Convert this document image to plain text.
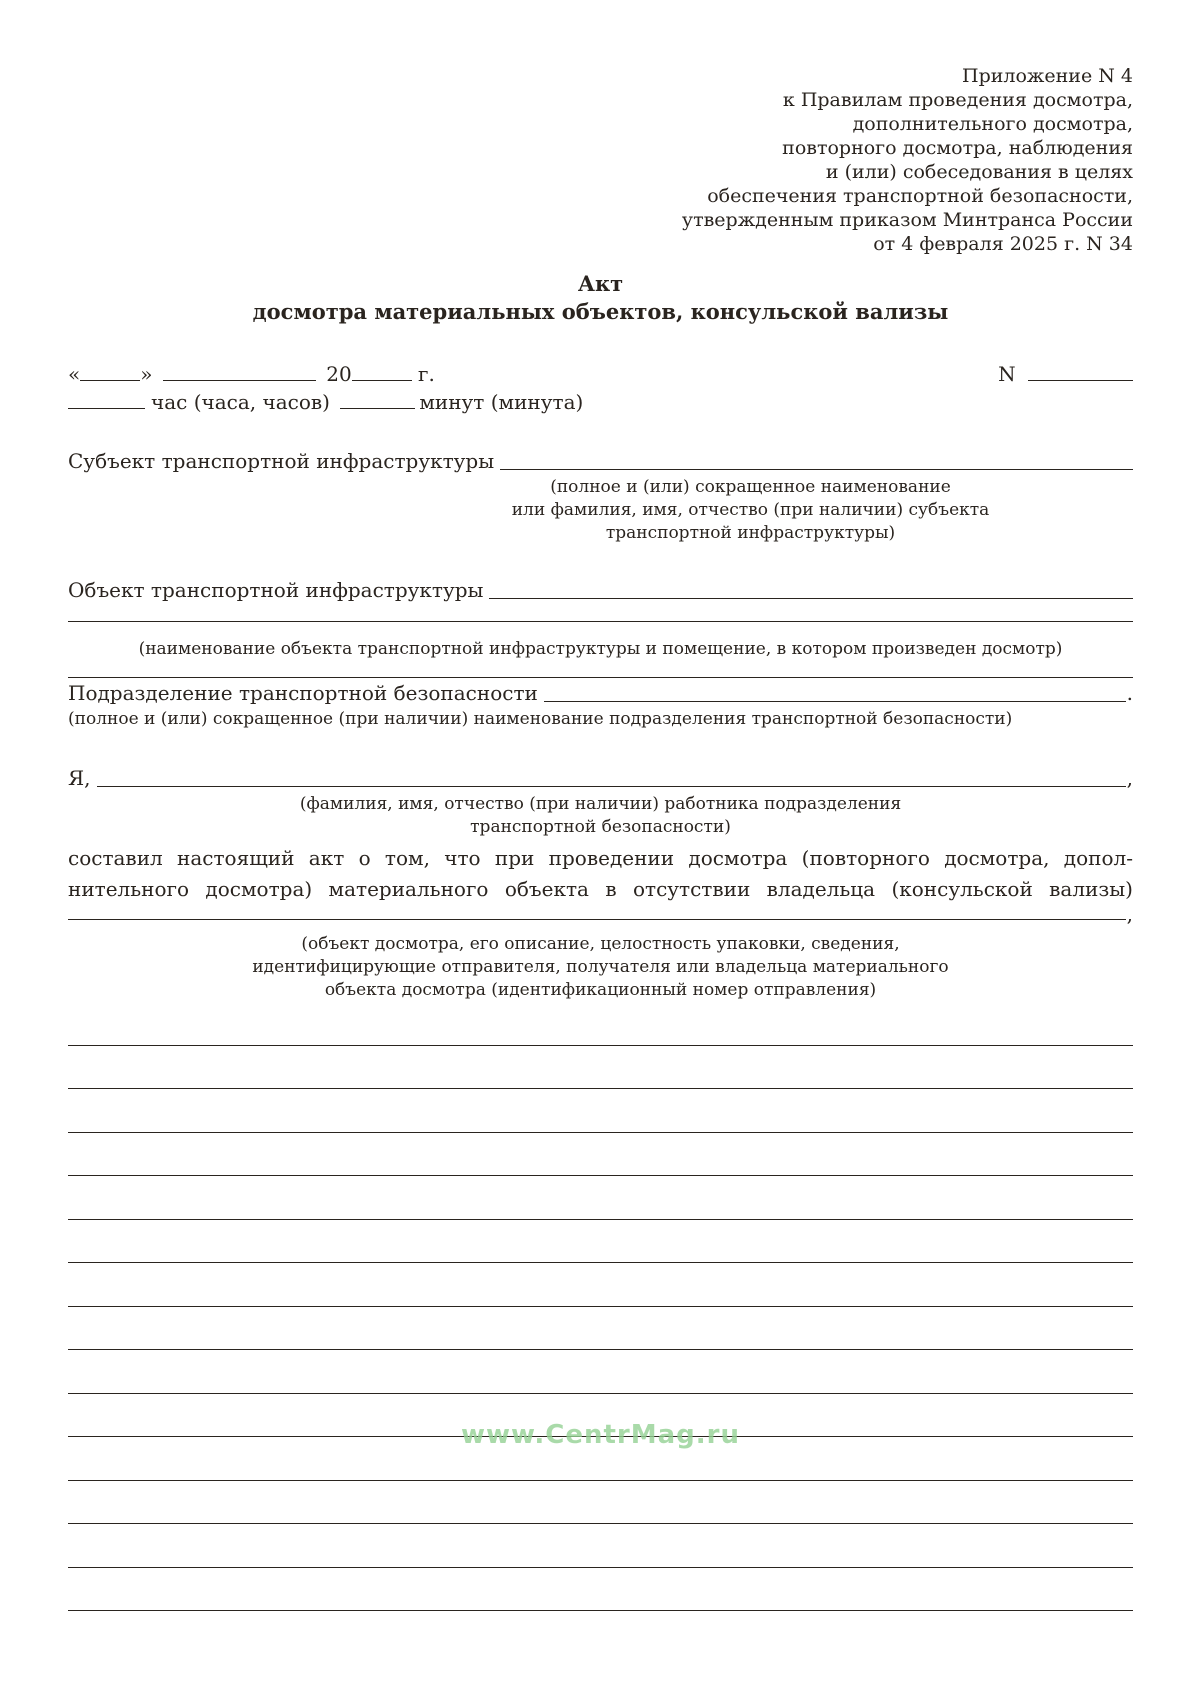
Приложение N 4
к Правилам проведения досмотра,
дополнительного досмотра,
повторного досмотра, наблюдения
и (или) собеседования в целях
обеспечения транспортной безопасности,
утвержденным приказом Минтранса России
от 4 февраля 2025 г. N 34
Акт
досмотра материальных объектов, консульской вализы
«	»	20	г.	N
час (часа, часов)	минут (минута)
Субъект транспортной инфраструктуры
(полное и (или) сокращенное наименование
или фамилия, имя, отчество (при наличии) субъекта
транспортной инфраструктуры)
Объект транспортной инфраструктуры
(наименование объекта транспортной инфраструктуры и помещение, в котором произведен досмотр)
Подразделение транспортной безопасности	.
(полное и (или) сокращенное (при наличии) наименование подразделения транспортной безопасности)
Я,	,
(фамилия, имя, отчество (при наличии) работника подразделения
транспортной безопасности)
составил настоящий акт о том, что при проведении досмотра (повторного досмотра, допол-
нительного досмотра) материального объекта в отсутствии владельца (консульской вализы)
,
(объект досмотра, его описание, целостность упаковки, сведения,
идентифицирующие отправителя, получателя или владельца материального
объекта досмотра (идентификационный номер отправления)
www.CentrMag.ru
